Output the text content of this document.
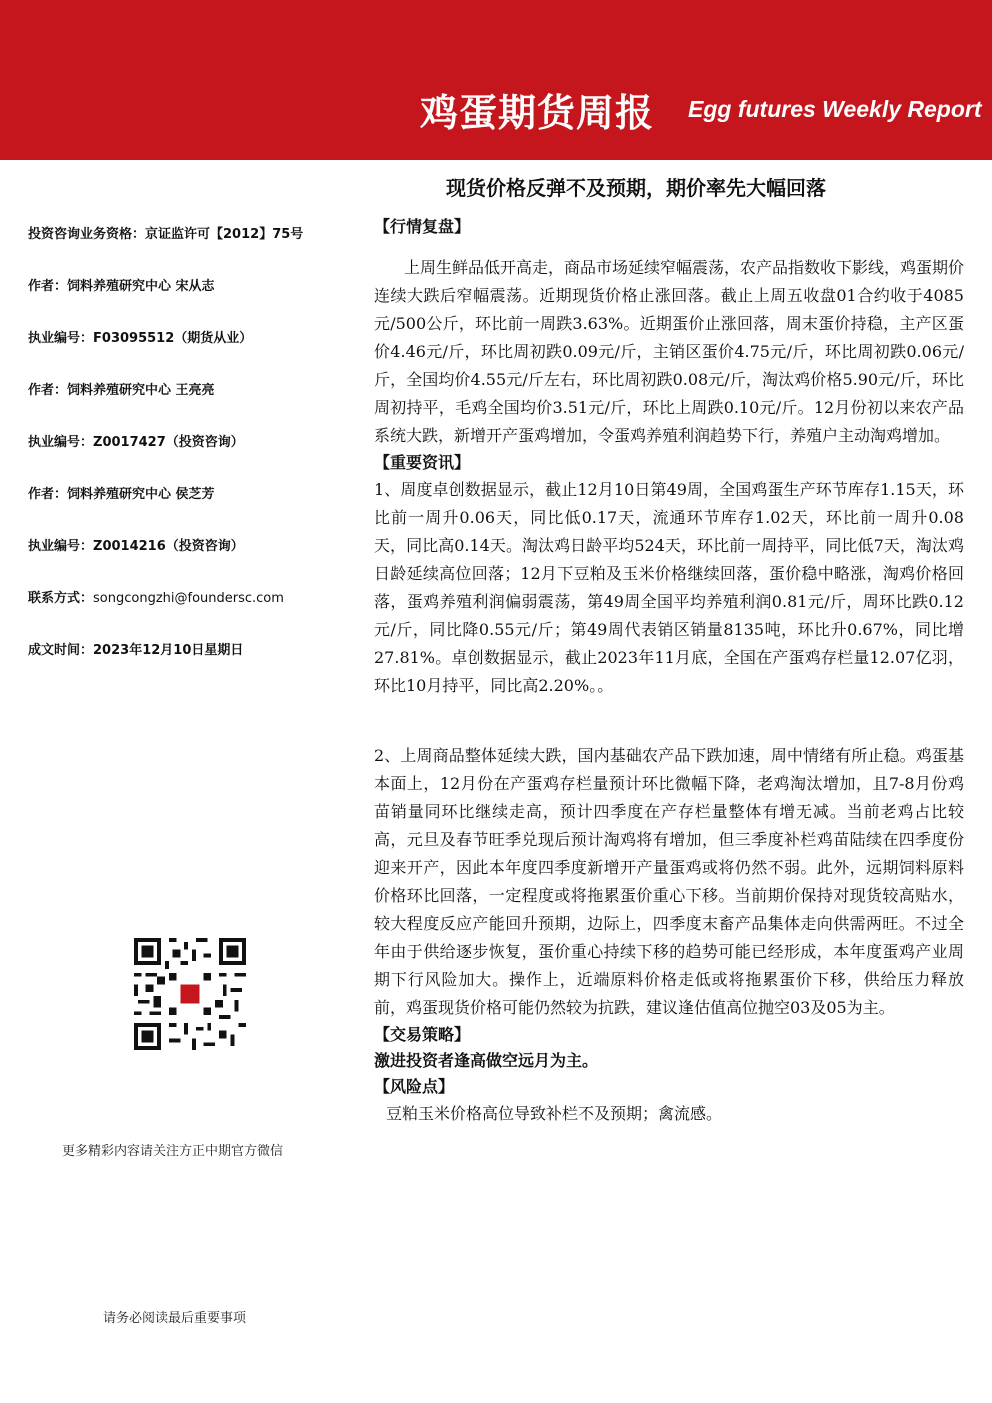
鸡蛋期货周报 Egg futures Weekly Report
现货价格反弹不及预期，期价率先大幅回落
投资咨询业务资格：京证监许可【2012】75号
作者：饲料养殖研究中心 宋从志
执业编号：F03095512（期货从业）
作者：饲料养殖研究中心 王亮亮
执业编号：Z0017427（投资咨询）
作者：饲料养殖研究中心 侯芝芳
执业编号：Z0014216（投资咨询）
联系方式：songcongzhi@foundersc.com
成文时间：2023年12月10日星期日
更多精彩内容请关注方正中期官方微信
请务必阅读最后重要事项
【行情复盘】

上周生鲜品低开高走，商品市场延续窄幅震荡，农产品指数收下影线，鸡蛋期价连续大跌后窄幅震荡。近期现货价格止涨回落。截止上周五收盘01合约收于4085元/500公斤，环比前一周跌3.63%。近期蛋价止涨回落，周末蛋价持稳，主产区蛋价4.46元/斤，环比周初跌0.09元/斤，主销区蛋价4.75元/斤，环比周初跌0.06元/斤，全国均价4.55元/斤左右，环比周初跌0.08元/斤，淘汰鸡价格5.90元/斤，环比周初持平，毛鸡全国均价3.51元/斤，环比上周跌0.10元/斤。12月份初以来农产品系统大跌，新增开产蛋鸡增加，令蛋鸡养殖利润趋势下行，养殖户主动淘鸡增加。

【重要资讯】

1、周度卓创数据显示，截止12月10日第49周，全国鸡蛋生产环节库存1.15天，环比前一周升0.06天，同比低0.17天，流通环节库存1.02天，环比前一周升0.08天，同比高0.14天。淘汰鸡日龄平均524天，环比前一周持平，同比低7天，淘汰鸡日龄延续高位回落；12月下豆粕及玉米价格继续回落，蛋价稳中略涨，淘鸡价格回落，蛋鸡养殖利润偏弱震荡，第49周全国平均养殖利润0.81元/斤，周环比跌0.12元/斤，同比降0.55元/斤；第49周代表销区销量8135吨，环比升0.67%，同比增27.81%。卓创数据显示，截止2023年11月底，全国在产蛋鸡存栏量12.07亿羽，环比10月持平，同比高2.20%。。

2、上周商品整体延续大跌，国内基础农产品下跌加速，周中情绪有所止稳。鸡蛋基本面上，12月份在产蛋鸡存栏量预计环比微幅下降，老鸡淘汰增加，且7-8月份鸡苗销量同环比继续走高，预计四季度在产存栏量整体有增无减。当前老鸡占比较高，元旦及春节旺季兑现后预计淘鸡将有增加，但三季度补栏鸡苗陆续在四季度份迎来开产，因此本年度四季度新增开产量蛋鸡或将仍然不弱。此外，远期饲料原料价格环比回落，一定程度或将拖累蛋价重心下移。当前期价保持对现货较高贴水，较大程度反应产能回升预期，边际上，四季度末畜产品集体走向供需两旺。不过全年由于供给逐步恢复，蛋价重心持续下移的趋势可能已经形成，本年度蛋鸡产业周期下行风险加大。操作上，近端原料价格走低或将拖累蛋价下移，供给压力释放前，鸡蛋现货价格可能仍然较为抗跌，建议逢估值高位抛空03及05为主。

【交易策略】
激进投资者逢高做空远月为主。
【风险点】

豆粕玉米价格高位导致补栏不及预期；禽流感。
